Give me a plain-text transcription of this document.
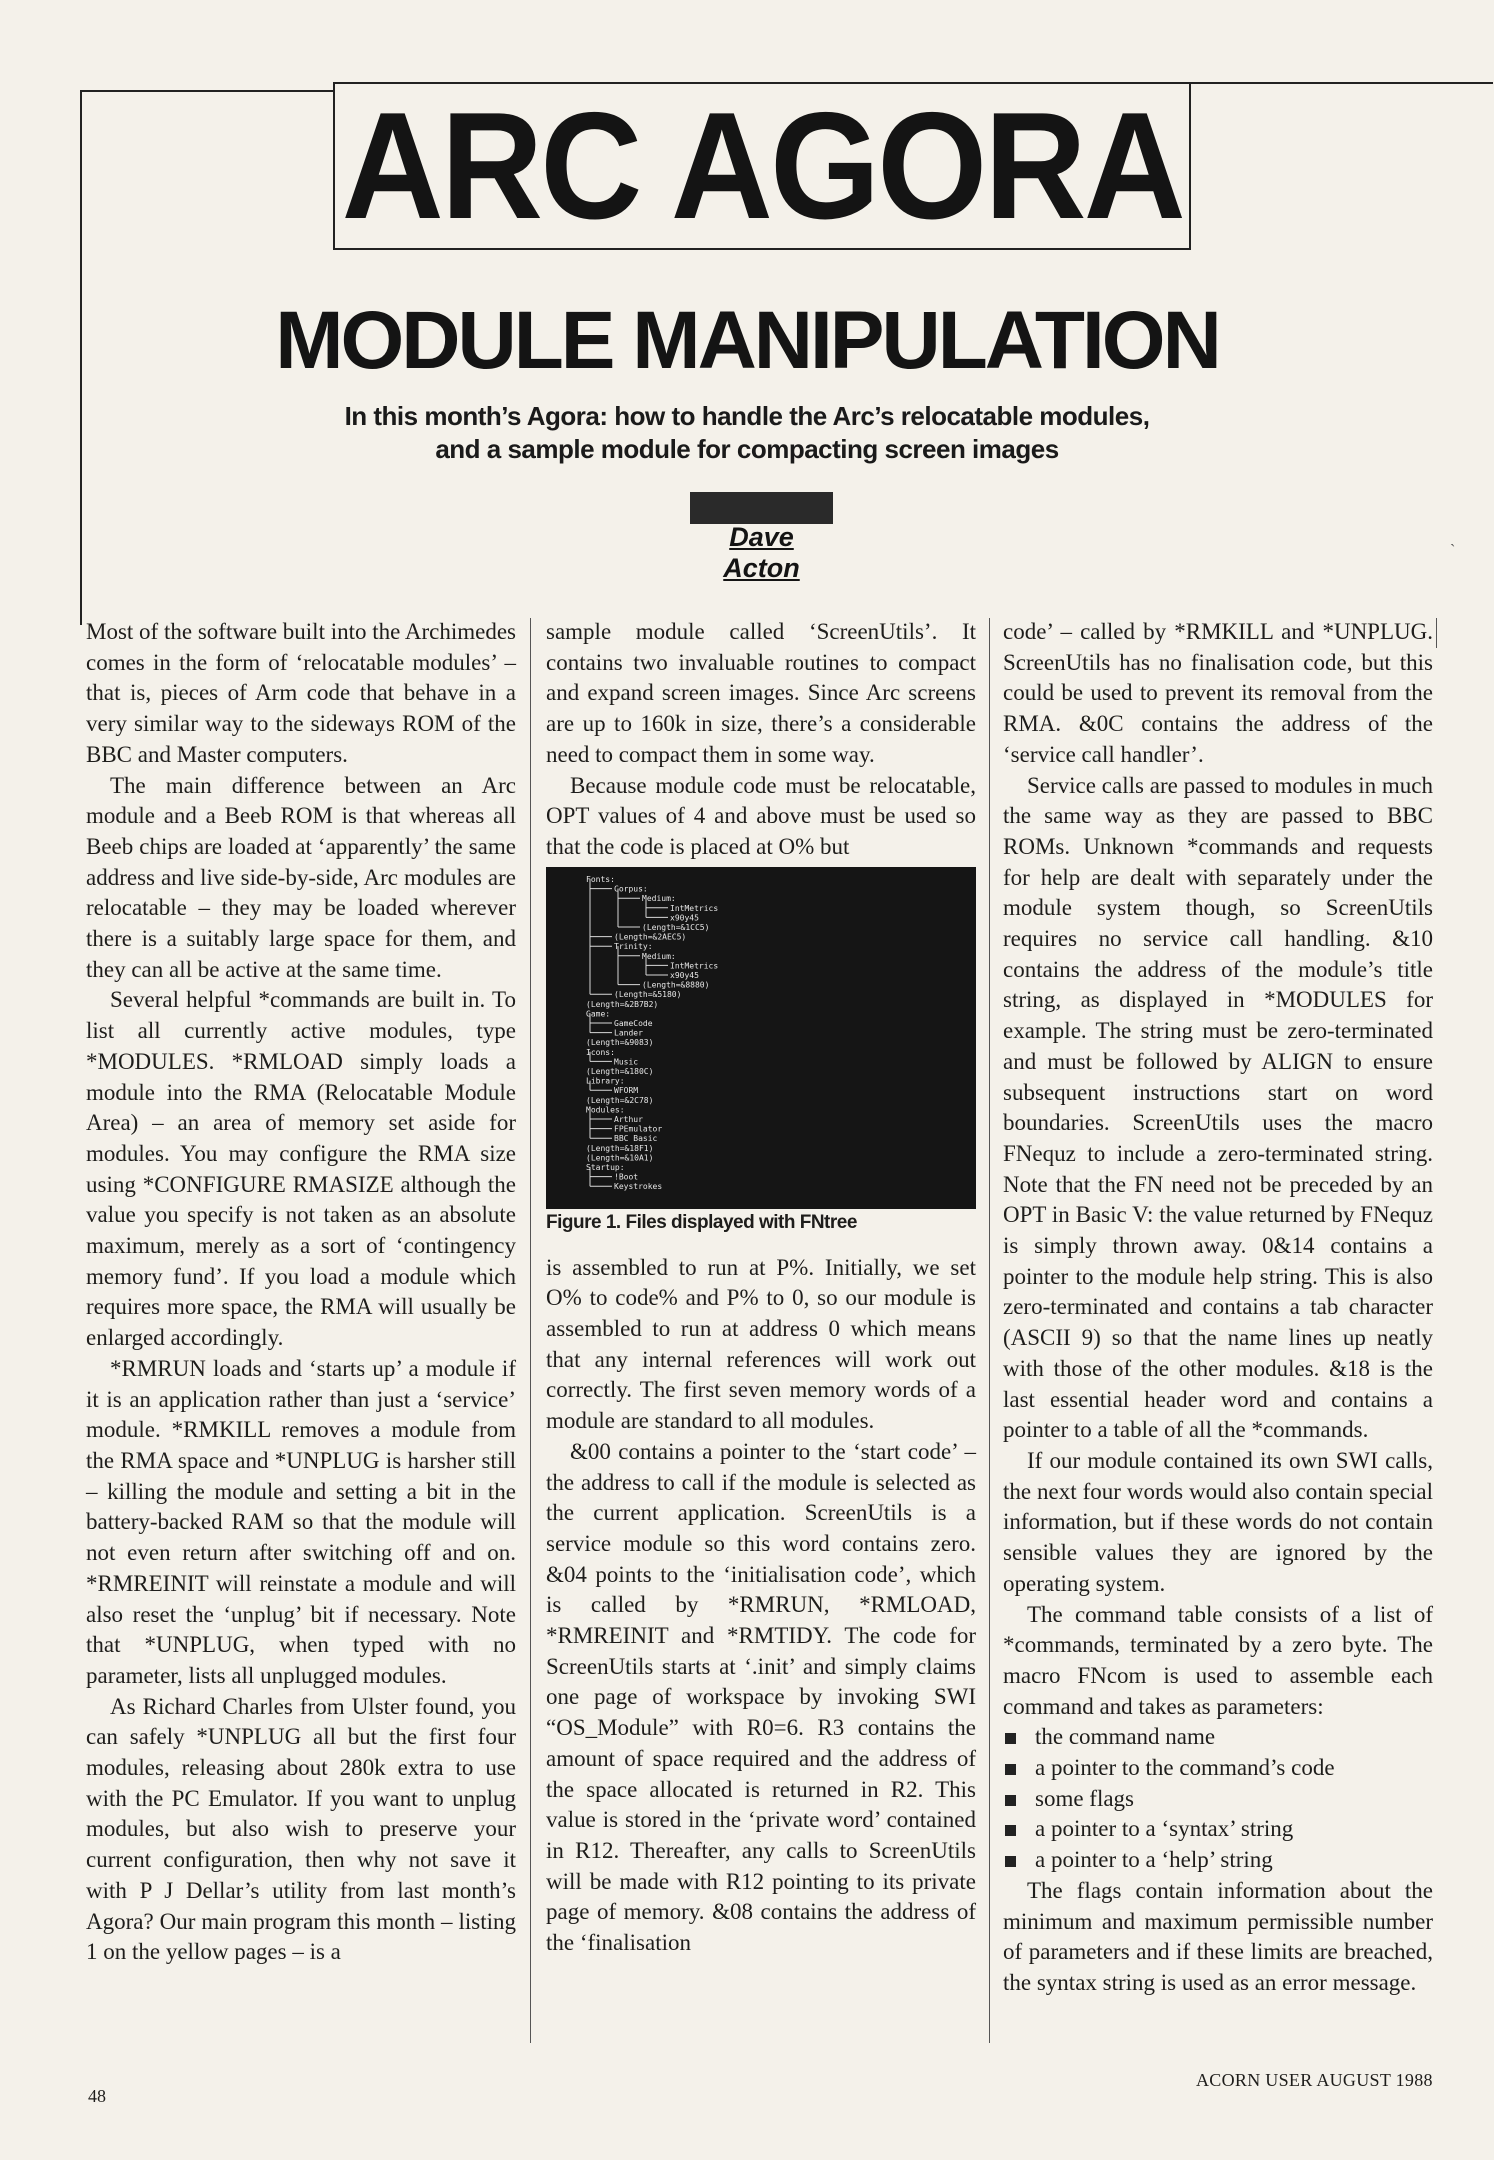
ARC AGORA
MODULE MANIPULATION
In this month’s Agora: how to handle the Arc’s relocatable modules,
and a sample module for compacting screen images
Dave Acton
ˋ

Most of the software built into the Archimedes comes in the form of ‘relocatable modules’ – that is, pieces of Arm code that behave in a very similar way to the sideways ROM of the BBC and Master computers.

The main difference between an Arc module and a Beeb ROM is that whereas all Beeb chips are loaded at ‘apparently’ the same address and live side-by-side, Arc modules are relocatable – they may be loaded wherever there is a suitably large space for them, and they can all be active at the same time.

Several helpful *commands are built in. To list all currently active modules, type *MODULES. *RMLOAD simply loads a module into the RMA (Relocatable Module Area) – an area of memory set aside for modules. You may configure the RMA size using *CONFIGURE RMASIZE although the value you specify is not taken as an absolute maximum, merely as a sort of ‘contingency memory fund’. If you load a module which requires more space, the RMA will usually be enlarged accordingly.

*RMRUN loads and ‘starts up’ a module if it is an application rather than just a ‘service’ module. *RMKILL removes a module from the RMA space and *UNPLUG is harsher still – killing the module and setting a bit in the battery-backed RAM so that the module will not even return after switching off and on. *RMREINIT will reinstate a module and will also reset the ‘unplug’ bit if necessary. Note that *UNPLUG, when typed with no parameter, lists all unplugged modules.

As Richard Charles from Ulster found, you can safely *UNPLUG all but the first four modules, releasing about 280k extra to use with the PC Emulator. If you want to unplug modules, but also wish to preserve your current configuration, then why not save it with P J Dellar’s utility from last month’s Agora? Our main program this month – listing 1 on the yellow pages – is a

sample module called ‘ScreenUtils’. It contains two invaluable routines to compact and expand screen images. Since Arc screens are up to 160k in size, there’s a considerable need to compact them in some way.

Because module code must be relocatable, OPT values of 4 and above must be used so that the code is placed at O% but

Fonts:
Corpus:
Medium:
IntMetrics
x90y45
(Length=&1CC5)
(Length=&2AEC5)
Trinity:
Medium:
IntMetrics
x90y45
(Length=&8880)
(Length=&5180)
(Length=&2B7B2)
Game:
GameCode
Lander
(Length=&9083)
Icons:
Music
(Length=&180C)
Library:
WFORM
(Length=&2C78)
Modules:
Arthur
FPEmulator
BBC Basic
(Length=&18F1)
(Length=&10A1)
Startup:
!Boot
Keystrokes
Figure 1. Files displayed with FNtree

is assembled to run at P%. Initially, we set O% to code% and P% to 0, so our module is assembled to run at address 0 which means that any internal references will work out correctly. The first seven memory words of a module are standard to all modules.

&00 contains a pointer to the ‘start code’ – the address to call if the module is selected as the current application. ScreenUtils is a service module so this word contains zero. &04 points to the ‘initialisation code’, which is called by *RMRUN, *RMLOAD, *RMREINIT and *RMTIDY. The code for ScreenUtils starts at ‘.init’ and simply claims one page of workspace by invoking SWI “OS_Module” with R0=6. R3 contains the amount of space required and the address of the space allocated is returned in R2. This value is stored in the ‘private word’ contained in R12. Thereafter, any calls to ScreenUtils will be made with R12 pointing to its private page of memory. &08 contains the address of the ‘finalisation

code’ – called by *RMKILL and *UNPLUG. ScreenUtils has no finalisation code, but this could be used to prevent its removal from the RMA. &0C contains the address of the ‘service call handler’.

Service calls are passed to modules in much the same way as they are passed to BBC ROMs. Unknown *commands and requests for help are dealt with separately under the module system though, so ScreenUtils requires no service call handling. &10 contains the address of the module’s title string, as displayed in *MODULES for example. The string must be zero-terminated and must be followed by ALIGN to ensure subsequent instructions start on word boundaries. ScreenUtils uses the macro FNequz to include a zero-terminated string. Note that the FN need not be preceded by an OPT in Basic V: the value returned by FNequz is simply thrown away. 0&14 contains a pointer to the module help string. This is also zero-terminated and contains a tab character (ASCII 9) so that the name lines up neatly with those of the other modules. &18 is the last essential header word and contains a pointer to a table of all the *commands.

If our module contained its own SWI calls, the next four words would also contain special information, but if these words do not contain sensible values they are ignored by the operating system.

The command table consists of a list of *commands, terminated by a zero byte. The macro FNcom is used to assemble each command and takes as parameters:

the command name
a pointer to the command’s code
some flags
a pointer to a ‘syntax’ string
a pointer to a ‘help’ string

The flags contain information about the minimum and maximum permissible number of parameters and if these limits are breached, the syntax string is used as an error message.

48
ACORN USER AUGUST 1988
